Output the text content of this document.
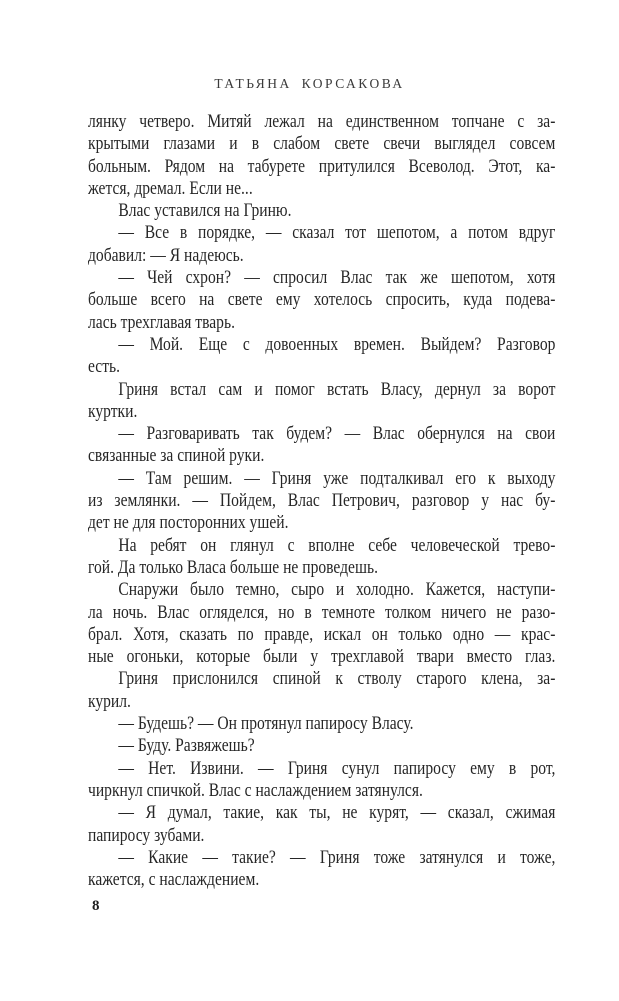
ТАТЬЯНА КОРСАКОВА
лянку четверо. Митяй лежал на единственном топчане с за-
крытыми глазами и в слабом свете свечи выглядел совсем
больным. Рядом на табурете притулился Всеволод. Этот, ка-
жется, дремал. Если не...
Влас уставился на Гриню.
— Все в порядке, — сказал тот шепотом, а потом вдруг
добавил: — Я надеюсь.
— Чей схрон? — спросил Влас так же шепотом, хотя
больше всего на свете ему хотелось спросить, куда подева-
лась трехглавая тварь.
— Мой. Еще с довоенных времен. Выйдем? Разговор
есть.
Гриня встал сам и помог встать Власу, дернул за ворот
куртки.
— Разговаривать так будем? — Влас обернулся на свои
связанные за спиной руки.
— Там решим. — Гриня уже подталкивал его к выходу
из землянки. — Пойдем, Влас Петрович, разговор у нас бу-
дет не для посторонних ушей.
На ребят он глянул с вполне себе человеческой трево-
гой. Да только Власа больше не проведешь.
Снаружи было темно, сыро и холодно. Кажется, наступи-
ла ночь. Влас огляделся, но в темноте толком ничего не разо-
брал. Хотя, сказать по правде, искал он только одно — крас-
ные огоньки, которые были у трехглавой твари вместо глаз.
Гриня прислонился спиной к стволу старого клена, за-
курил.
— Будешь? — Он протянул папиросу Власу.
— Буду. Развяжешь?
— Нет. Извини. — Гриня сунул папиросу ему в рот,
чиркнул спичкой. Влас с наслаждением затянулся.
— Я думал, такие, как ты, не курят, — сказал, сжимая
папиросу зубами.
— Какие — такие? — Гриня тоже затянулся и тоже,
кажется, с наслаждением.
8
